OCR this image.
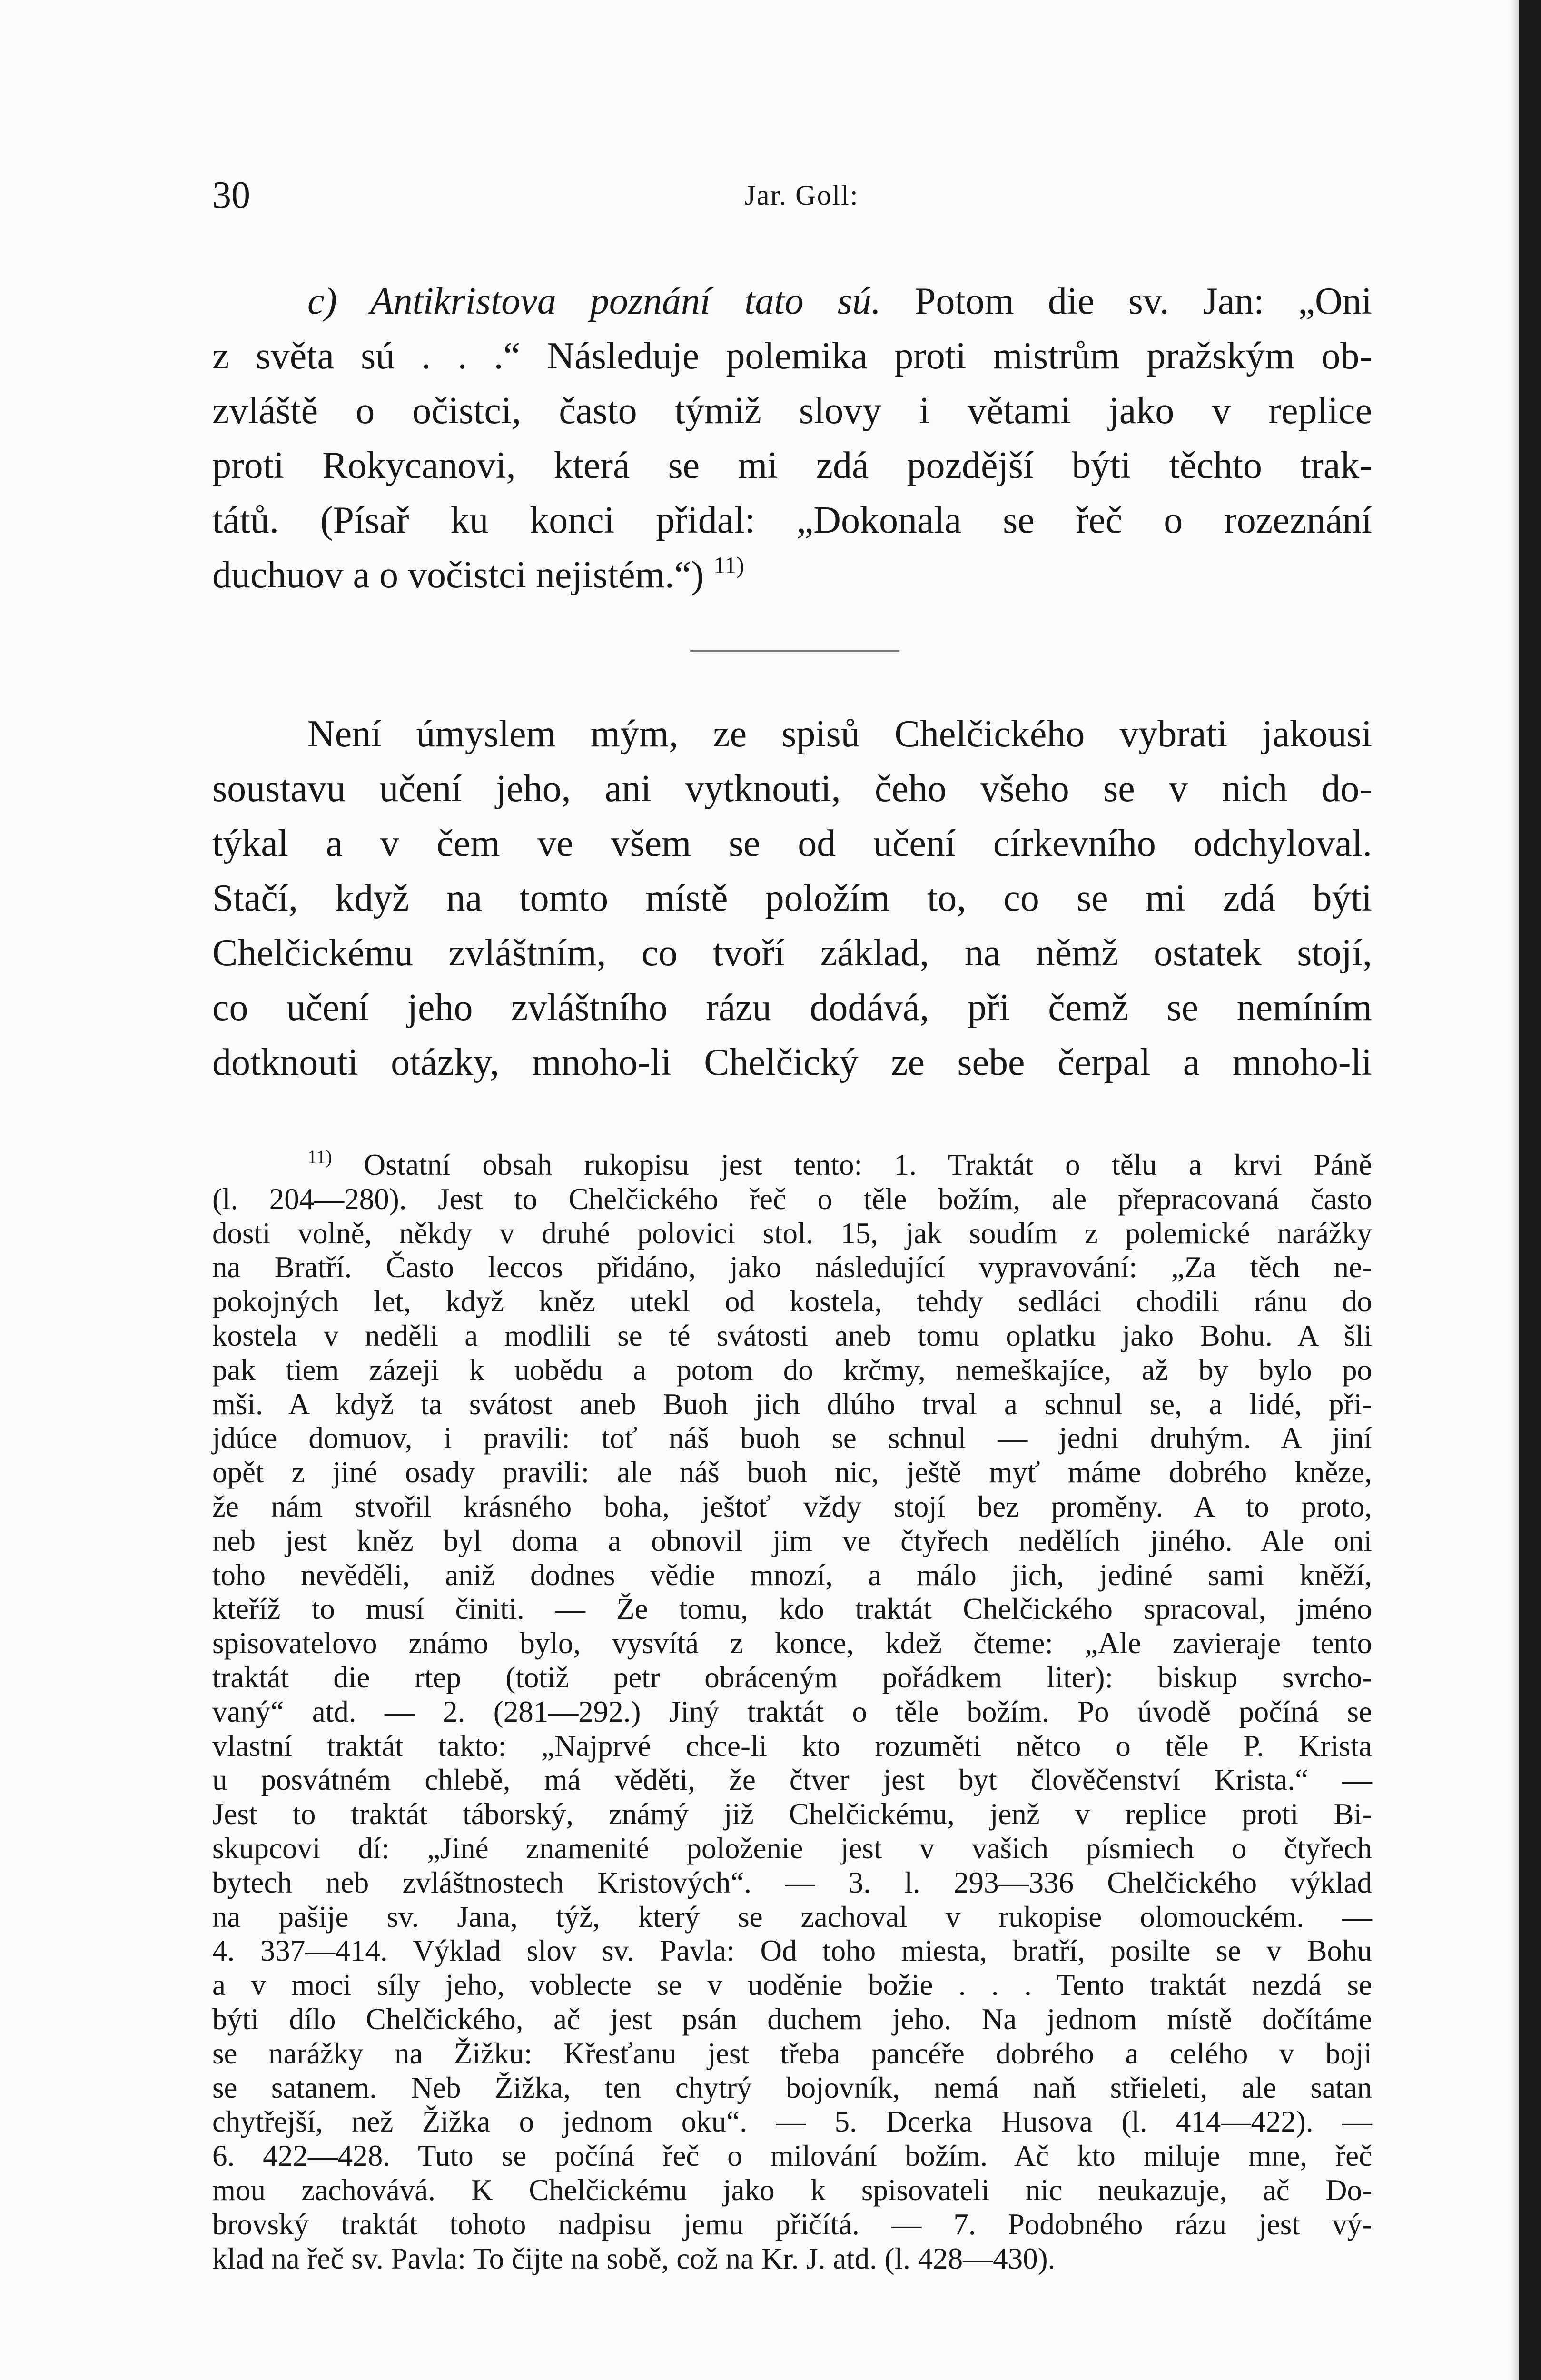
30	Jar. Goll:
c) Antikristova poznání tato sú. Potom die sv. Jan: „Oni
z světa sú . . .“ Následuje polemika proti mistrům pražským ob-
zvláště o očistci, často týmiž slovy i větami jako v replice
proti Rokycanovi, která se mi zdá pozdější býti těchto trak-
tátů. (Písař ku konci přidal: „Dokonala se řeč o rozeznání
duchuov a o vočistci nejistém.“) $^{11)}$
Není úmyslem mým, ze spisů Chelčického vybrati jakousi
soustavu učení jeho, ani vytknouti, čeho všeho se v nich do-
týkal a v čem ve všem se od učení církevního odchyloval.
Stačí, když na tomto místě položím to, co se mi zdá býti
Chelčickému zvláštním, co tvoří základ, na němž ostatek stojí,
co učení jeho zvláštního rázu dodává, při čemž se nemíním
dotknouti otázky, mnoho-li Chelčický ze sebe čerpal a mnoho-li
$^{11)}$ Ostatní obsah rukopisu jest tento: 1. Traktát o tělu a krvi Páně
(l. 204—280). Jest to Chelčického řeč o těle božím, ale přepracovaná často
dosti volně, někdy v druhé polovici stol. 15, jak soudím z polemické narážky
na Bratří. Často leccos přidáno, jako následující vypravování: „Za těch ne-
pokojných let, když kněz utekl od kostela, tehdy sedláci chodili ránu do
kostela v neděli a modlili se té svátosti aneb tomu oplatku jako Bohu. A šli
pak tiem zázeji k uobědu a potom do krčmy, nemeškajíce, až by bylo po
mši. A když ta svátost aneb Buoh jich dlúho trval a schnul se, a lidé, při-
jdúce domuov, i pravili: toť náš buoh se schnul — jedni druhým. A jiní
opět z jiné osady pravili: ale náš buoh nic, ještě myť máme dobrého kněze,
že nám stvořil krásného boha, ještoť vždy stojí bez proměny. A to proto,
neb jest kněz byl doma a obnovil jim ve čtyřech nedělích jiného. Ale oni
toho nevěděli, aniž dodnes vědie mnozí, a málo jich, jediné sami kněží,
kteříž to musí činiti. — Že tomu, kdo traktát Chelčického spracoval, jméno
spisovatelovo známo bylo, vysvítá z konce, kdež čteme: „Ale zavieraje tento
traktát die rtep (totiž petr obráceným pořádkem liter): biskup svrcho-
vaný“ atd. — 2. (281—292.) Jiný traktát o těle božím. Po úvodě počíná se
vlastní traktát takto: „Najprvé chce-li kto rozuměti nětco o těle P. Krista
u posvátném chlebě, má věděti, že čtver jest byt člověčenství Krista.“ —
Jest to traktát táborský, známý již Chelčickému, jenž v replice proti Bi-
skupcovi dí: „Jiné znamenité položenie jest v vašich písmiech o čtyřech
bytech neb zvláštnostech Kristových“. — 3. l. 293—336 Chelčického výklad
na pašije sv. Jana, týž, který se zachoval v rukopise olomouckém. —
4. 337—414. Výklad slov sv. Pavla: Od toho miesta, bratří, posilte se v Bohu
a v moci síly jeho, voblecte se v uoděnie božie . . . Tento traktát nezdá se
býti dílo Chelčického, ač jest psán duchem jeho. Na jednom místě dočítáme
se narážky na Žižku: Křesťanu jest třeba pancéře dobrého a celého v boji
se satanem. Neb Žižka, ten chytrý bojovník, nemá naň střieleti, ale satan
chytřejší, než Žižka o jednom oku“. — 5. Dcerka Husova (l. 414—422). —
6. 422—428. Tuto se počíná řeč o milování božím. Ač kto miluje mne, řeč
mou zachovává. K Chelčickému jako k spisovateli nic neukazuje, ač Do-
brovský traktát tohoto nadpisu jemu přičítá. — 7. Podobného rázu jest vý-
klad na řeč sv. Pavla: To čijte na sobě, což na Kr. J. atd. (l. 428—430).
